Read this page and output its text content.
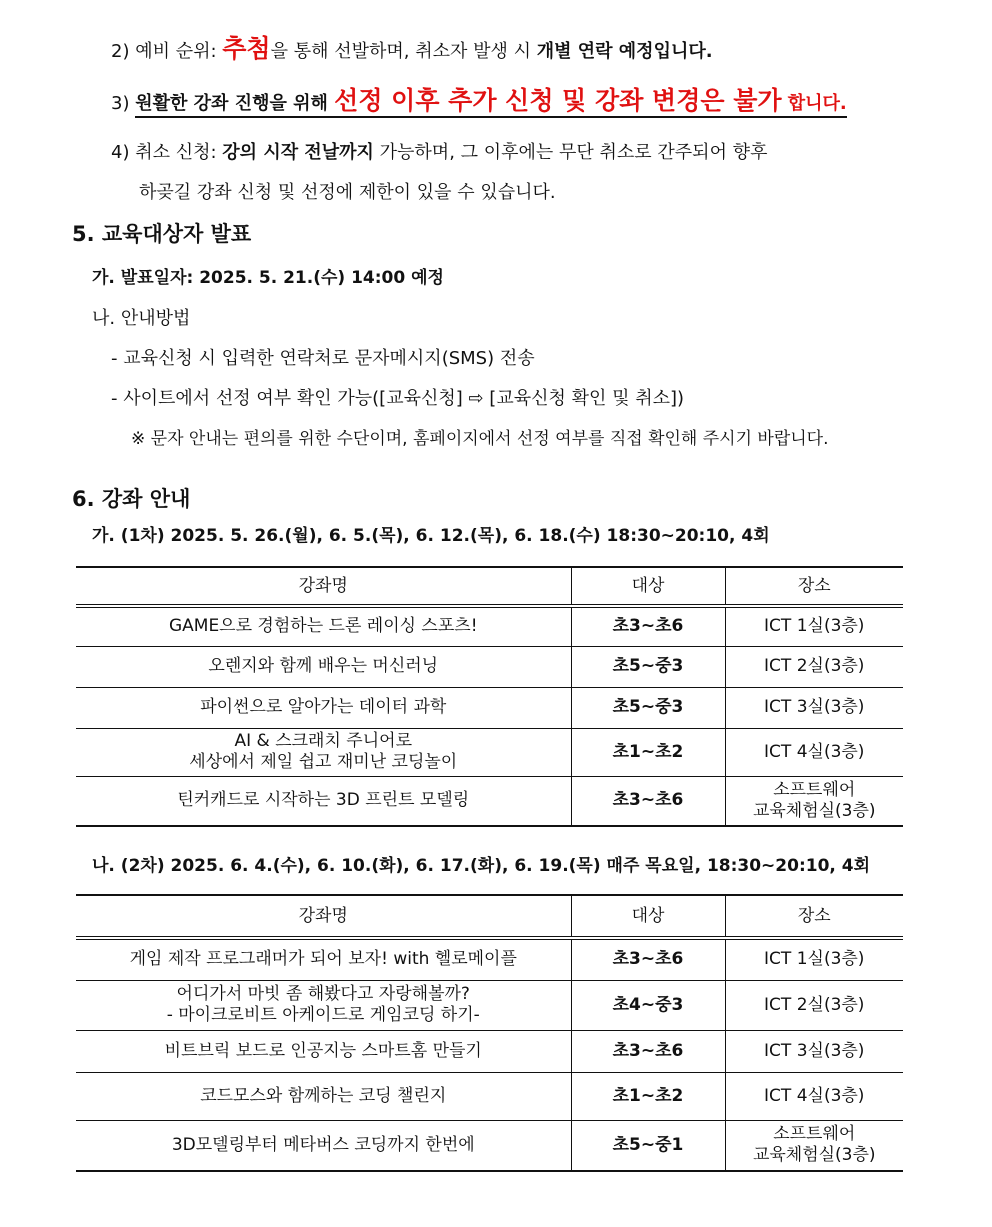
2) 예비 순위: 추첨을 통해 선발하며, 취소자 발생 시 개별 연락 예정입니다.
3) 원활한 강좌 진행을 위해 선정 이후 추가 신청 및 강좌 변경은 불가 합니다.
4) 취소 신청: 강의 시작 전날까지 가능하며, 그 이후에는 무단 취소로 간주되어 향후
하곶길 강좌 신청 및 선정에 제한이 있을 수 있습니다.
5. 교육대상자 발표
가. 발표일자: 2025. 5. 21.(수) 14:00 예정
나. 안내방법
- 교육신청 시 입력한 연락처로 문자메시지(SMS) 전송
- 사이트에서 선정 여부 확인 가능([교육신청] ⇨ [교육신청 확인 및 취소])
※ 문자 안내는 편의를 위한 수단이며, 홈페이지에서 선정 여부를 직접 확인해 주시기 바랍니다.
6. 강좌 안내
가. (1차) 2025. 5. 26.(월), 6. 5.(목), 6. 12.(목), 6. 18.(수) 18:30~20:10, 4회
강좌명	대상	장소
GAME으로 경험하는 드론 레이싱 스포츠!	초3~초6	ICT 1실(3층)
오렌지와 함께 배우는 머신러닝	초5~중3	ICT 2실(3층)
파이썬으로 알아가는 데이터 과학	초5~중3	ICT 3실(3층)

AI & 스크래치 주니어로
세상에서 제일 쉽고 재미난 코딩놀이	초1~초2	ICT 4실(3층)
틴커캐드로 시작하는 3D 프린트 모델링	초3~초6	소프트웨어
교육체험실(3층)
나. (2차) 2025. 6. 4.(수), 6. 10.(화), 6. 17.(화), 6. 19.(목) 매주 목요일, 18:30~20:10, 4회
강좌명	대상	장소
게임 제작 프로그래머가 되어 보자! with 헬로메이플	초3~초6	ICT 1실(3층)

어디가서 마빗 좀 해봤다고 자랑해볼까?
- 마이크로비트 아케이드로 게임코딩 하기-	초4~중3	ICT 2실(3층)
비트브릭 보드로 인공지능 스마트홈 만들기	초3~초6	ICT 3실(3층)
코드모스와 함께하는 코딩 챌린지	초1~초2	ICT 4실(3층)
3D모델링부터 메타버스 코딩까지 한번에	초5~중1	소프트웨어
교육체험실(3층)
